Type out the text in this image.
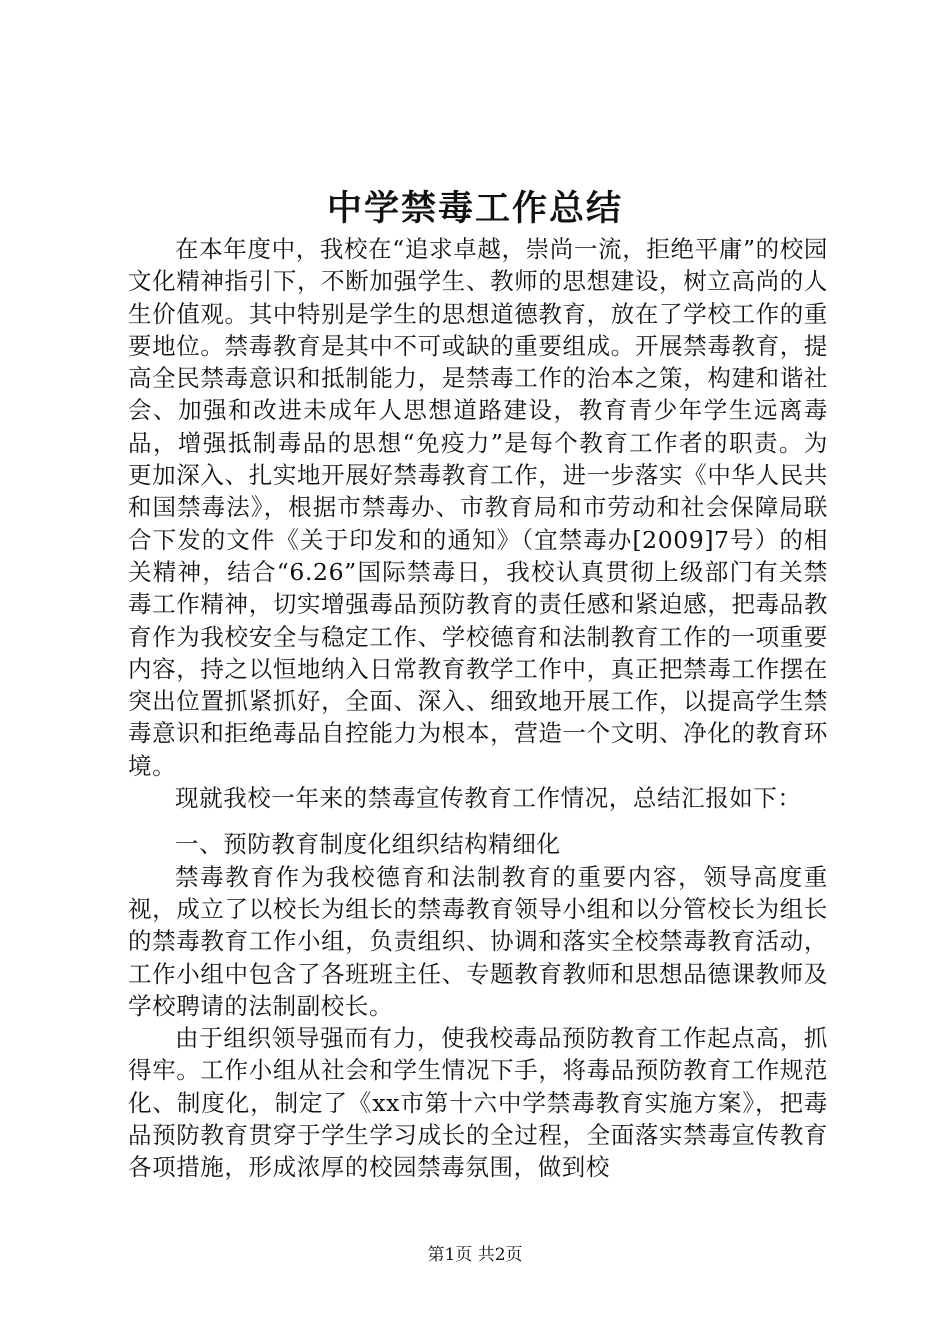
中学禁毒工作总结

在本年度中，我校在“追求卓越，崇尚一流，拒绝平庸”的校园文化精神指引下，不断加强学生、教师的思想建设，树立高尚的人生价值观。其中特别是学生的思想道德教育，放在了学校工作的重要地位。禁毒教育是其中不可或缺的重要组成。开展禁毒教育，提高全民禁毒意识和抵制能力，是禁毒工作的治本之策，构建和谐社会、加强和改进未成年人思想道路建设，教育青少年学生远离毒品，增强抵制毒品的思想“免疫力”是每个教育工作者的职责。为更加深入、扎实地开展好禁毒教育工作，进一步落实《中华人民共和国禁毒法》，根据市禁毒办、市教育局和市劳动和社会保障局联合下发的文件《关于印发和的通知》（宜禁毒办[2009]7号）的相关精神，结合“6.26”国际禁毒日，我校认真贯彻上级部门有关禁毒工作精神，切实增强毒品预防教育的责任感和紧迫感，把毒品教育作为我校安全与稳定工作、学校德育和法制教育工作的一项重要内容，持之以恒地纳入日常教育教学工作中，真正把禁毒工作摆在突出位置抓紧抓好，全面、深入、细致地开展工作，以提高学生禁毒意识和拒绝毒品自控能力为根本，营造一个文明、净化的教育环境。

现就我校一年来的禁毒宣传教育工作情况，总结汇报如下：

一、预防教育制度化组织结构精细化

禁毒教育作为我校德育和法制教育的重要内容，领导高度重视，成立了以校长为组长的禁毒教育领导小组和以分管校长为组长的禁毒教育工作小组，负责组织、协调和落实全校禁毒教育活动，工作小组中包含了各班班主任、专题教育教师和思想品德课教师及学校聘请的法制副校长。

由于组织领导强而有力，使我校毒品预防教育工作起点高，抓得牢。工作小组从社会和学生情况下手，将毒品预防教育工作规范化、制度化，制定了《xx市第十六中学禁毒教育实施方案》，把毒品预防教育贯穿于学生学习成长的全过程，全面落实禁毒宣传教育各项措施，形成浓厚的校园禁毒氛围，做到校

第1页 共2页
